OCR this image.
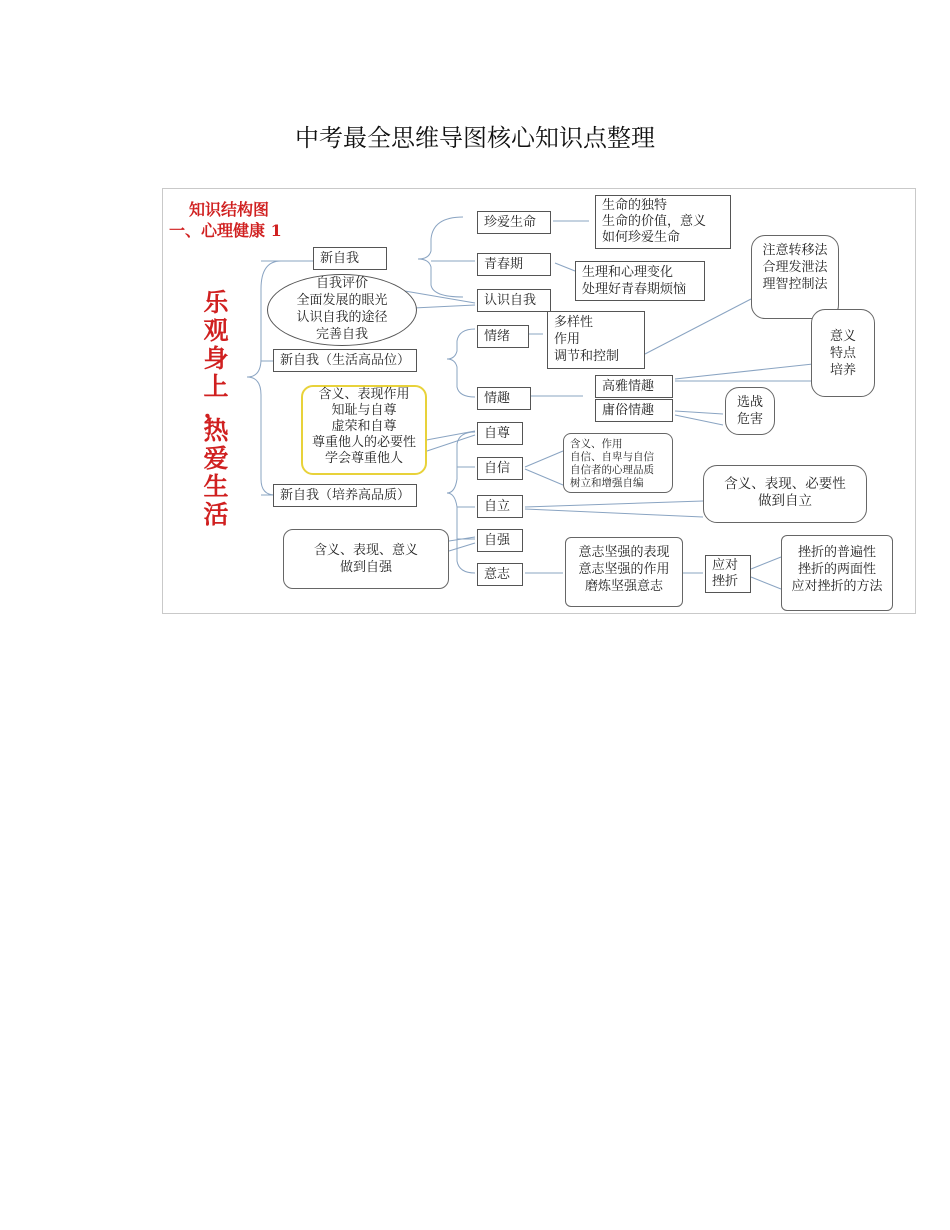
中考最全思维导图核心知识点整理
知识结构图
一、心理健康 1
乐
观
身
上
，
热
爱
生
活
新自我
新自我（生活高品位）
新自我（培养高品质）
自我评价
全面发展的眼光
认识自我的途径
完善自我
珍爱生命
生命的独特
生命的价值，意义
如何珍爱生命
青春期
生理和心理变化
处理好青春期烦恼
认识自我
注意转移法
合理发泄法
理智控制法
情绪
多样性
作用
调节和控制
意义
特点
培养
情趣
高雅情趣
庸俗情趣
选战
危害
含义、表现作用
知耻与自尊
虚荣和自尊
尊重他人的必要性
学会尊重他人
自尊
自信
含义、作用
自信、自卑与自信
自信者的心理品质
树立和增强自编
自立
含义、表现、必要性
做到自立
自强
含义、表现、意义
做到自强	意志
意志坚强的表现
意志坚强的作用
磨炼坚强意志
应对
挫折
挫折的普遍性
挫折的两面性
应对挫折的方法
